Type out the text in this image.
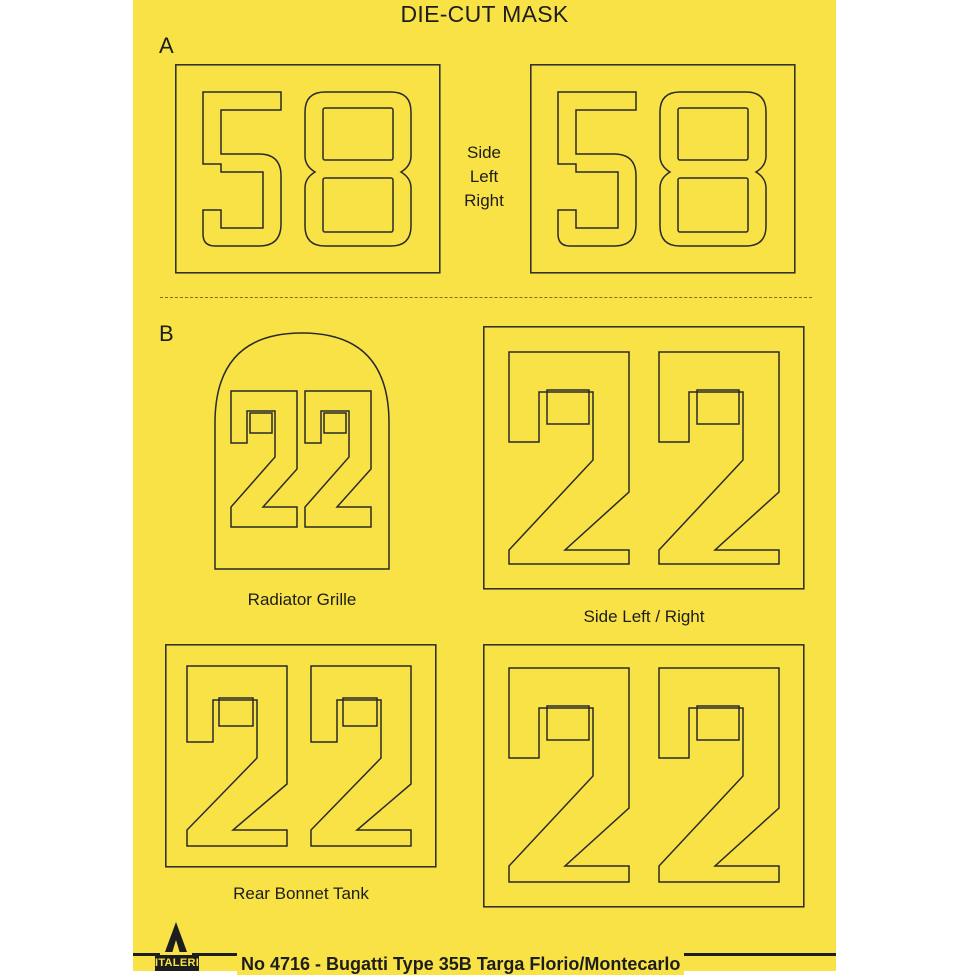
DIE-CUT MASK
A
Side
Left
Right
B
Radiator Grille
Side Left / Right
Rear Bonnet Tank
ITALERI No 4716 - Bugatti Type 35B Targa Florio/Montecarlo
